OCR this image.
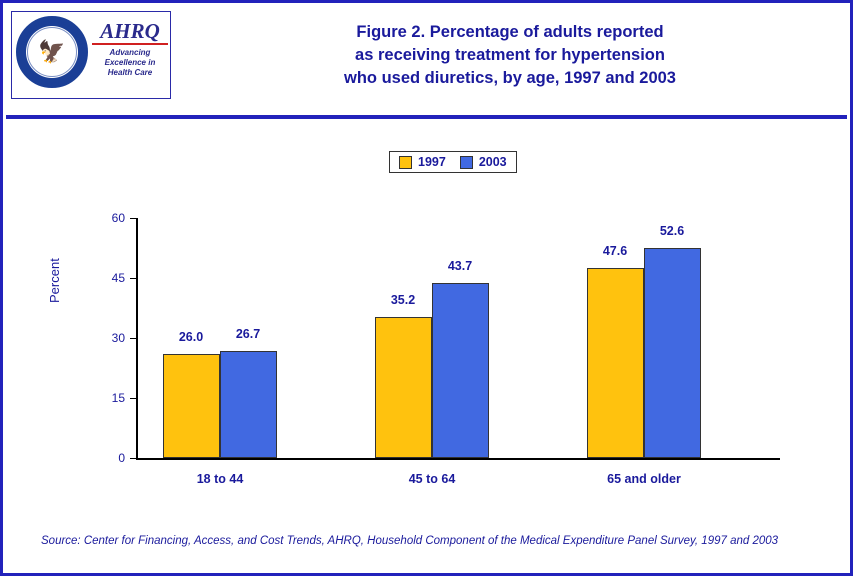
DEPARTMENT OF HEALTH & HUMAN SERVICES USA
🦅
AHRQ
Advancing
Excellence in
Health Care
Figure 2. Percentage of adults reported
as receiving treatment for hypertension
who used diuretics, by age, 1997 and 2003
1997	2003
Percent
60
45
30
15
0
26.0	26.7
18 to 44
35.2
43.7
45 to 64
47.6
52.6
65 and older
Source: Center for Financing, Access, and Cost Trends, AHRQ, Household Component of the Medical Expenditure Panel Survey, 1997 and 2003
